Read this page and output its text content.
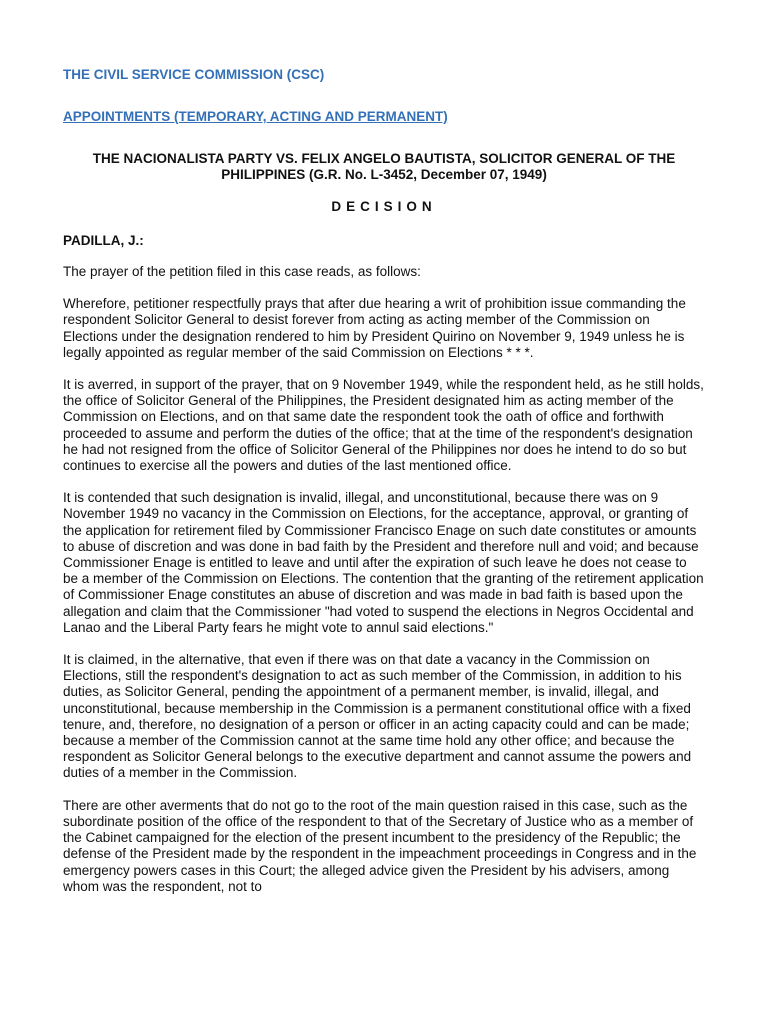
THE CIVIL SERVICE COMMISSION (CSC)
APPOINTMENTS (TEMPORARY, ACTING AND PERMANENT)
THE NACIONALISTA PARTY VS. FELIX ANGELO BAUTISTA, SOLICITOR GENERAL OF THE PHILIPPINES (G.R. No. L-3452, December 07, 1949)
DECISION
PADILLA, J.:

The prayer of the petition filed in this case reads, as follows:

Wherefore, petitioner respectfully prays that after due hearing a writ of prohibition issue commanding the respondent Solicitor General to desist forever from acting as acting member of the Commission on Elections under the designation rendered to him by President Quirino on November 9, 1949 unless he is legally appointed as regular member of the said Commission on Elections * * *.

It is averred, in support of the prayer, that on 9 November 1949, while the respondent held, as he still holds, the office of Solicitor General of the Philippines, the President designated him as acting member of the Commission on Elections, and on that same date the respondent took the oath of office and forthwith proceeded to assume and perform the duties of the office; that at the time of the respondent's designation he had not resigned from the office of Solicitor General of the Philippines nor does he intend to do so but continues to exercise all the powers and duties of the last mentioned office.

It is contended that such designation is invalid, illegal, and unconstitutional, because there was on 9 November 1949 no vacancy in the Commission on Elections, for the acceptance, approval, or granting of the application for retirement filed by Commissioner Francisco Enage on such date constitutes or amounts to abuse of discretion and was done in bad faith by the President and therefore null and void; and because Commissioner Enage is entitled to leave and until after the expiration of such leave he does not cease to be a member of the Commission on Elections. The contention that the granting of the retirement application of Commissioner Enage constitutes an abuse of discretion and was made in bad faith is based upon the allegation and claim that the Commissioner "had voted to suspend the elections in Negros Occidental and Lanao and the Liberal Party fears he might vote to annul said elections."

It is claimed, in the alternative, that even if there was on that date a vacancy in the Commission on Elections, still the respondent's designation to act as such member of the Commission, in addition to his duties, as Solicitor General, pending the appointment of a permanent member, is invalid, illegal, and unconstitutional, because membership in the Commission is a permanent constitutional office with a fixed tenure, and, therefore, no designation of a person or officer in an acting capacity could and can be made; because a member of the Commission cannot at the same time hold any other office; and because the respondent as Solicitor General belongs to the executive department and cannot assume the powers and duties of a member in the Commission.

There are other averments that do not go to the root of the main question raised in this case, such as the subordinate position of the office of the respondent to that of the Secretary of Justice who as a member of the Cabinet campaigned for the election of the present incumbent to the presidency of the Republic; the defense of the President made by the respondent in the impeachment proceedings in Congress and in the emergency powers cases in this Court; the alleged advice given the President by his advisers, among whom was the respondent, not to
